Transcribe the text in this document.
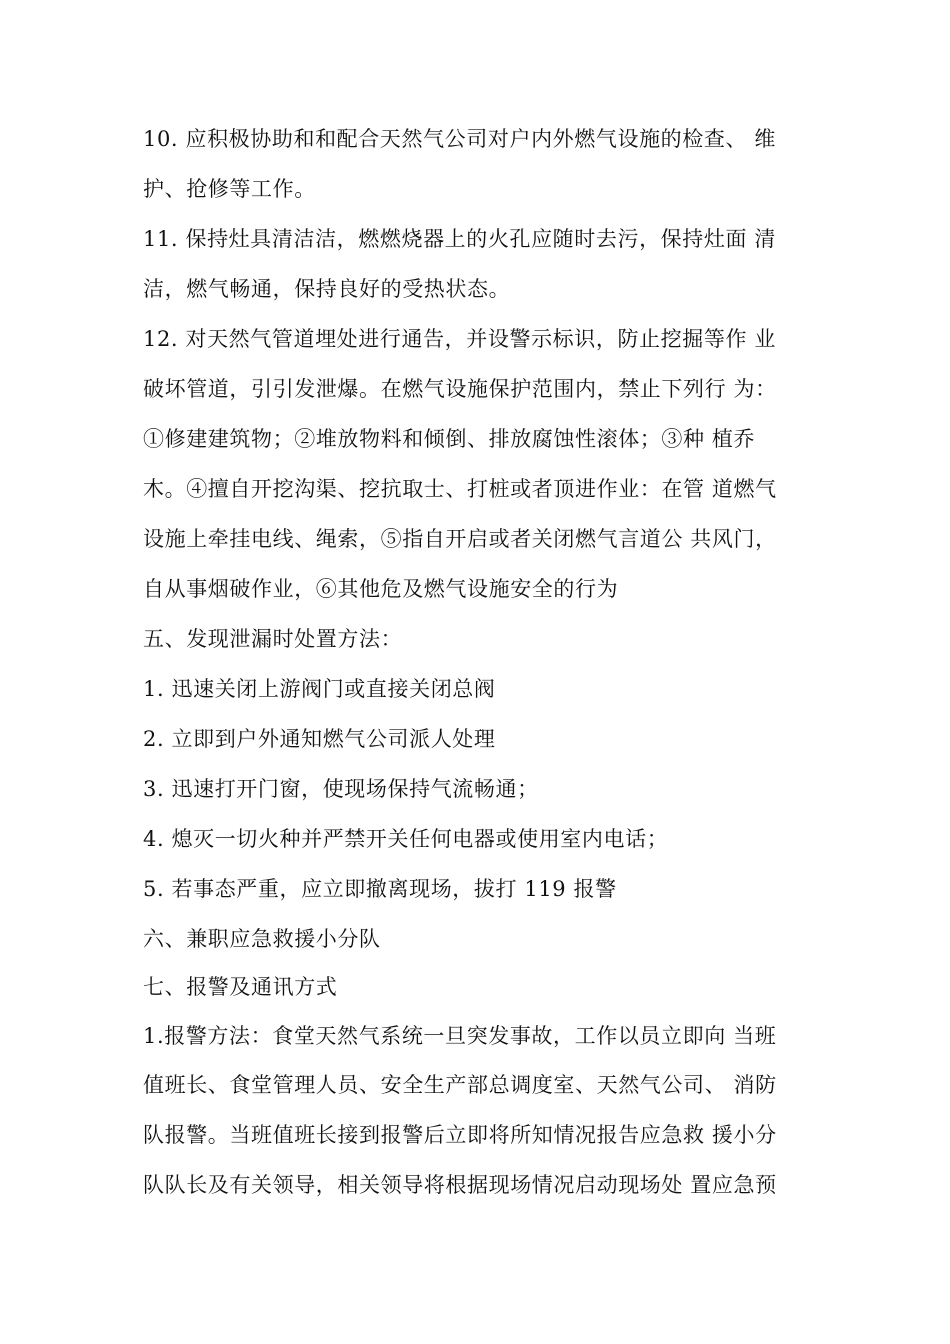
10. 应积极协助和和配合天然气公司对户内外燃气设施的检查、 维
护、抢修等工作。
11. 保持灶具清洁洁，燃燃烧器上的火孔应随时去污，保持灶面 清
洁，燃气畅通，保持良好的受热状态。
12. 对天然气管道埋处进行通告，并设警示标识，防止挖掘等作 业
破坏管道，引引发泄爆。在燃气设施保护范围内，禁止下列行 为：
①修建建筑物；②堆放物料和倾倒、排放腐蚀性滚体；③种 植乔
木。④擅自开挖沟渠、挖抗取士、打桩或者顶进作业：在管 道燃气
设施上牵挂电线、绳索，⑤指自开启或者关闭燃气言道公 共风门，
自从事烟破作业，⑥其他危及燃气设施安全的行为
五、发现泄漏时处置方法：
1. 迅速关闭上游阀门或直接关闭总阀
2. 立即到户外通知燃气公司派人处理
3. 迅速打开门窗，使现场保持气流畅通；
4. 熄灭一切火种并严禁开关任何电器或使用室内电话；
5. 若事态严重，应立即撤离现场，拔打 119 报警
六、兼职应急救援小分队
七、报警及通讯方式
1.报警方法：食堂天然气系统一旦突发事故，工作以员立即向 当班
值班长、食堂管理人员、安全生产部总调度室、天然气公司、 消防
队报警。当班值班长接到报警后立即将所知情况报告应急救 援小分
队队长及有关领导，相关领导将根据现场情况启动现场处 置应急预
